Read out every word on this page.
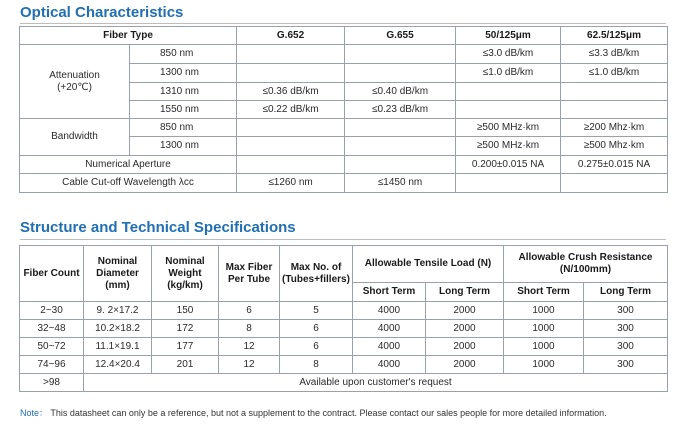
Optical Characteristics
Fiber Type		G.652	G.655	50/125μm	62.5/125μm

Attenuation
(+20℃)	850 nm			≤3.0 dB/km	≤3.3 dB/km
	1300 nm			≤1.0 dB/km	≤1.0 dB/km
	1310 nm	≤0.36 dB/km	≤0.40 dB/km		
	1550 nm	≤0.22 dB/km	≤0.23 dB/km		
Bandwidth	850 nm			≥500 MHz·km	≥200 Mhz·km
	1300 nm			≥500 MHz·km	≥500 Mhz·km
Numerical Aperture				0.200±0.015 NA	0.275±0.015 NA
Cable Cut-off Wavelength λcc		≤1260 nm	≤1450 nm		
Structure and Technical Specifications
Fiber Count	Nominal Diameter (mm)	Nominal Weight (kg/km)	Max Fiber Per Tube	Max No. of (Tubes+fillers)	Allowable Tensile Load (N)		Allowable Crush Resistance (N/100mm)	
					Short Term	Long Term	Short Term	Long Term
2~30	9. 2×17.2	150	6	5	4000	2000	1000	300
32~48	10.2×18.2	172	8	6	4000	2000	1000	300
50~72	11.1×19.1	177	12	6	4000	2000	1000	300
74~96	12.4×20.4	201	12	8	4000	2000	1000	300
>98	Available upon customer's request							

Note： This datasheet can only be a reference, but not a supplement to the contract. Please contact our sales people for more detailed information.
